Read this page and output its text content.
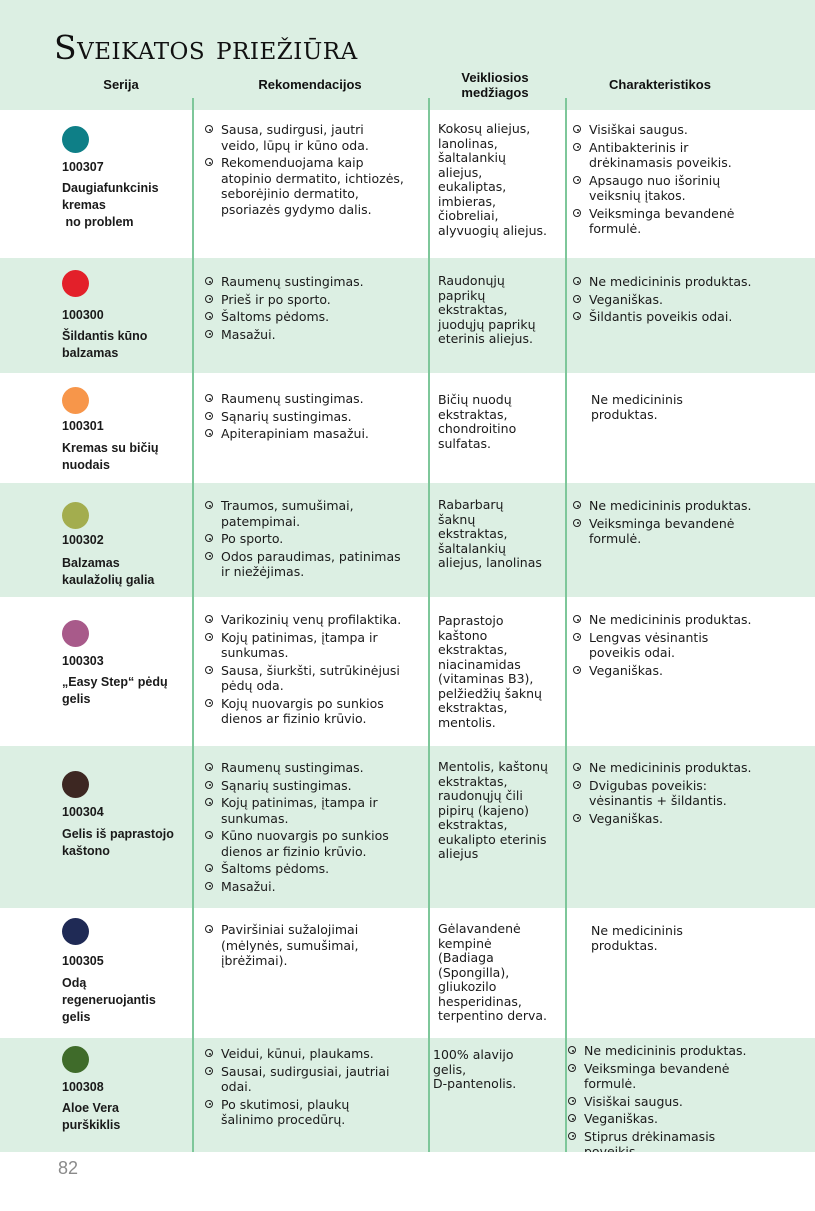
Sveikatos priežiūra
Serija	Rekomendacijos	Veikliosios
medžiagos
Charakteristikos
100307
Daugiafunkcinis
kremas
no problem
Sausa, sudirgusi, jautri veido, lūpų ir kūno oda.
Rekomenduojama kaip atopinio dermatito, ichtiozės, seborėjinio dermatito, psoriazės gydymo dalis.
Kokosų aliejus,
lanolinas,
šaltalankių
aliejus,
eukaliptas,
imbieras,
čiobreliai,
alyvuogių aliejus.
Visiškai saugus.
Antibakterinis ir drėkinamasis poveikis.
Apsaugo nuo išorinių veiksnių įtakos.
Veiksminga bevandenė formulė.
100300
Šildantis kūno
balzamas
Raumenų sustingimas.
Prieš ir po sporto.
Šaltoms pėdoms.
Masažui.
Raudonųjų
paprikų
ekstraktas,
juodųjų paprikų
eterinis aliejus.
Ne medicininis produktas.
Veganiškas.
Šildantis poveikis odai.
100301
Kremas su bičių
nuodais
Raumenų sustingimas.
Sąnarių sustingimas.
Apiterapiniam masažui.
Bičių nuodų
ekstraktas,
chondroitino
sulfatas.
Ne medicininis
produktas.
100302
Balzamas
kaulažolių galia
Traumos, sumušimai, patempimai.
Po sporto.
Odos paraudimas, patinimas ir niežėjimas.
Rabarbarų
šaknų
ekstraktas,
šaltalankių
aliejus, lanolinas
Ne medicininis produktas.
Veiksminga bevandenė formulė.
100303
„Easy Step“ pėdų
gelis
Varikozinių venų profilaktika.
Kojų patinimas, įtampa ir sunkumas.
Sausa, šiurkšti, sutrūkinėjusi pėdų oda.
Kojų nuovargis po sunkios dienos ar fizinio krūvio.
Paprastojo
kaštono
ekstraktas,
niacinamidas
(vitaminas B3),
pelžiedžių šaknų
ekstraktas,
mentolis.
Ne medicininis produktas.
Lengvas vėsinantis poveikis odai.
Veganiškas.
100304
Gelis iš paprastojo
kaštono
Raumenų sustingimas.
Sąnarių sustingimas.
Kojų patinimas, įtampa ir sunkumas.
Kūno nuovargis po sunkios dienos ar fizinio krūvio.
Šaltoms pėdoms.
Masažui.
Mentolis, kaštonų
ekstraktas,
raudonųjų čili
pipirų (kajeno)
ekstraktas,
eukalipto eterinis
aliejus
Ne medicininis produktas.
Dvigubas poveikis: vėsinantis + šildantis.
Veganiškas.
100305
Odą
regeneruojantis
gelis
Paviršiniai sužalojimai (mėlynės, sumušimai, įbrėžimai).
Gėlavandenė
kempinė
(Badiaga
(Spongilla),
gliukozilo
hesperidinas,
terpentino derva.
Ne medicininis
produktas.
100308
Aloe Vera
purškiklis
Veidui, kūnui, plaukams.
Sausai, sudirgusiai, jautriai odai.
Po skutimosi, plaukų šalinimo procedūrų.
100% alavijo
gelis,
D-pantenolis.
Ne medicininis produktas.
Veiksminga bevandenė formulė.
Visiškai saugus.
Veganiškas.
Stiprus drėkinamasis
82
